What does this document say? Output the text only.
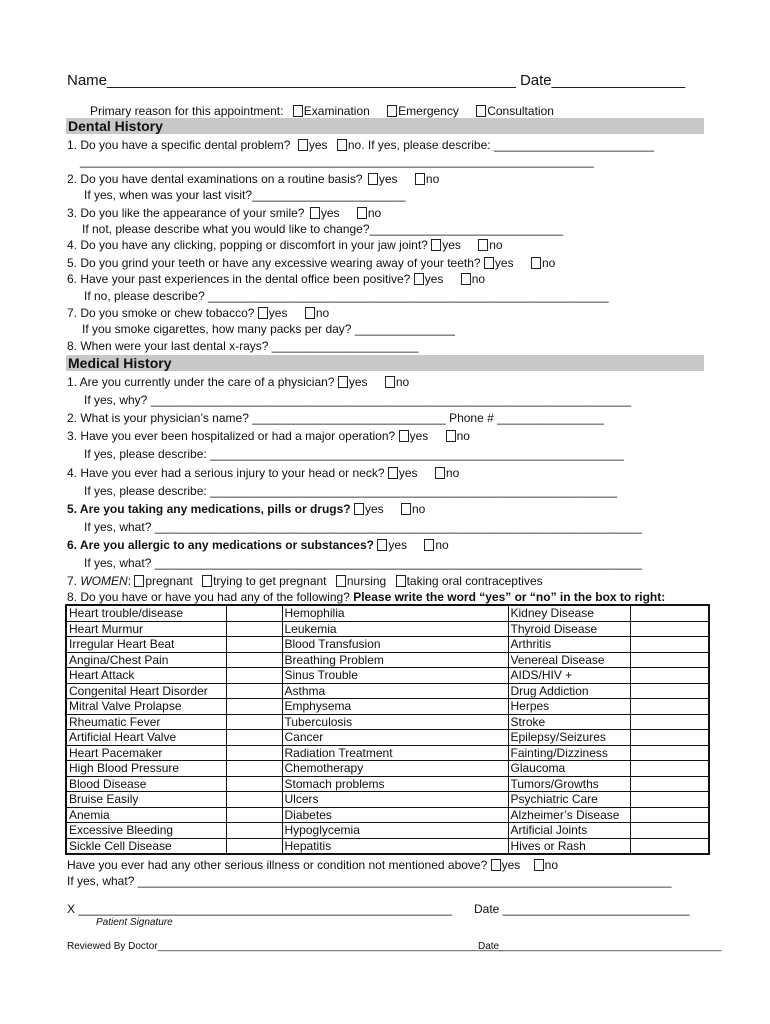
Name_________________________________________________ Date________________
Primary reason for this appointment: Examination Emergency Consultation
Dental History
1. Do you have a specific dental problem? yes no. If yes, please describe: ________________________
_____________________________________________________________________________
2. Do you have dental examinations on a routine basis? yes no
If yes, when was your last visit?_______________________
3. Do you like the appearance of your smile? yes no
If not, please describe what you would like to change?_____________________________
4. Do you have any clicking, popping or discomfort in your jaw joint? yes no
5. Do you grind your teeth or have any excessive wearing away of your teeth? yes no
6. Have your past experiences in the dental office been positive? yes no
If no, please describe? ____________________________________________________________
7. Do you smoke or chew tobacco? yes no
If you smoke cigarettes, how many packs per day? _______________
8. When were your last dental x-rays? ______________________
Medical History
1. Are you currently under the care of a physician? yes no
If yes, why? ________________________________________________________________________
2. What is your physician’s name? _____________________________ Phone # ________________
3. Have you ever been hospitalized or had a major operation? yes no
If yes, please describe: ______________________________________________________________
4. Have you ever had a serious injury to your head or neck? yes no
If yes, please describe: _____________________________________________________________
5. Are you taking any medications, pills or drugs? yes no
If yes, what? _________________________________________________________________________
6. Are you allergic to any medications or substances? yes no
If yes, what? _________________________________________________________________________
7. WOMEN: pregnant trying to get pregnant nursing taking oral contraceptives
8. Do you have or have you had any of the following? Please write the word “yes” or “no” in the box to right:
Heart trouble/disease		Hemophilia		Kidney Disease	
Heart Murmur		Leukemia		Thyroid Disease	
Irregular Heart Beat		Blood Transfusion		Arthritis	
Angina/Chest Pain		Breathing Problem		Venereal Disease	
Heart Attack		Sinus Trouble		AIDS/HIV +	
Congenital Heart Disorder		Asthma		Drug Addiction	
Mitral Valve Prolapse		Emphysema		Herpes	
Rheumatic Fever		Tuberculosis		Stroke	
Artificial Heart Valve		Cancer		Epilepsy/Seizures	
Heart Pacemaker		Radiation Treatment		Fainting/Dizziness	
High Blood Pressure		Chemotherapy		Glaucoma	
Blood Disease		Stomach problems		Tumors/Growths	
Bruise Easily		Ulcers		Psychiatric Care	
Anemia		Diabetes		Alzheimer’s Disease	
Excessive Bleeding		Hypoglycemia		Artificial Joints	
Sickle Cell Disease		Hepatitis		Hives or Rash	
Have you ever had any other serious illness or condition not mentioned above? yes no
If yes, what? ________________________________________________________________________________
X ________________________________________________________ Date ____________________________
Patient Signature
Reviewed By Doctor______________________________________________________________
Date________________________________________
